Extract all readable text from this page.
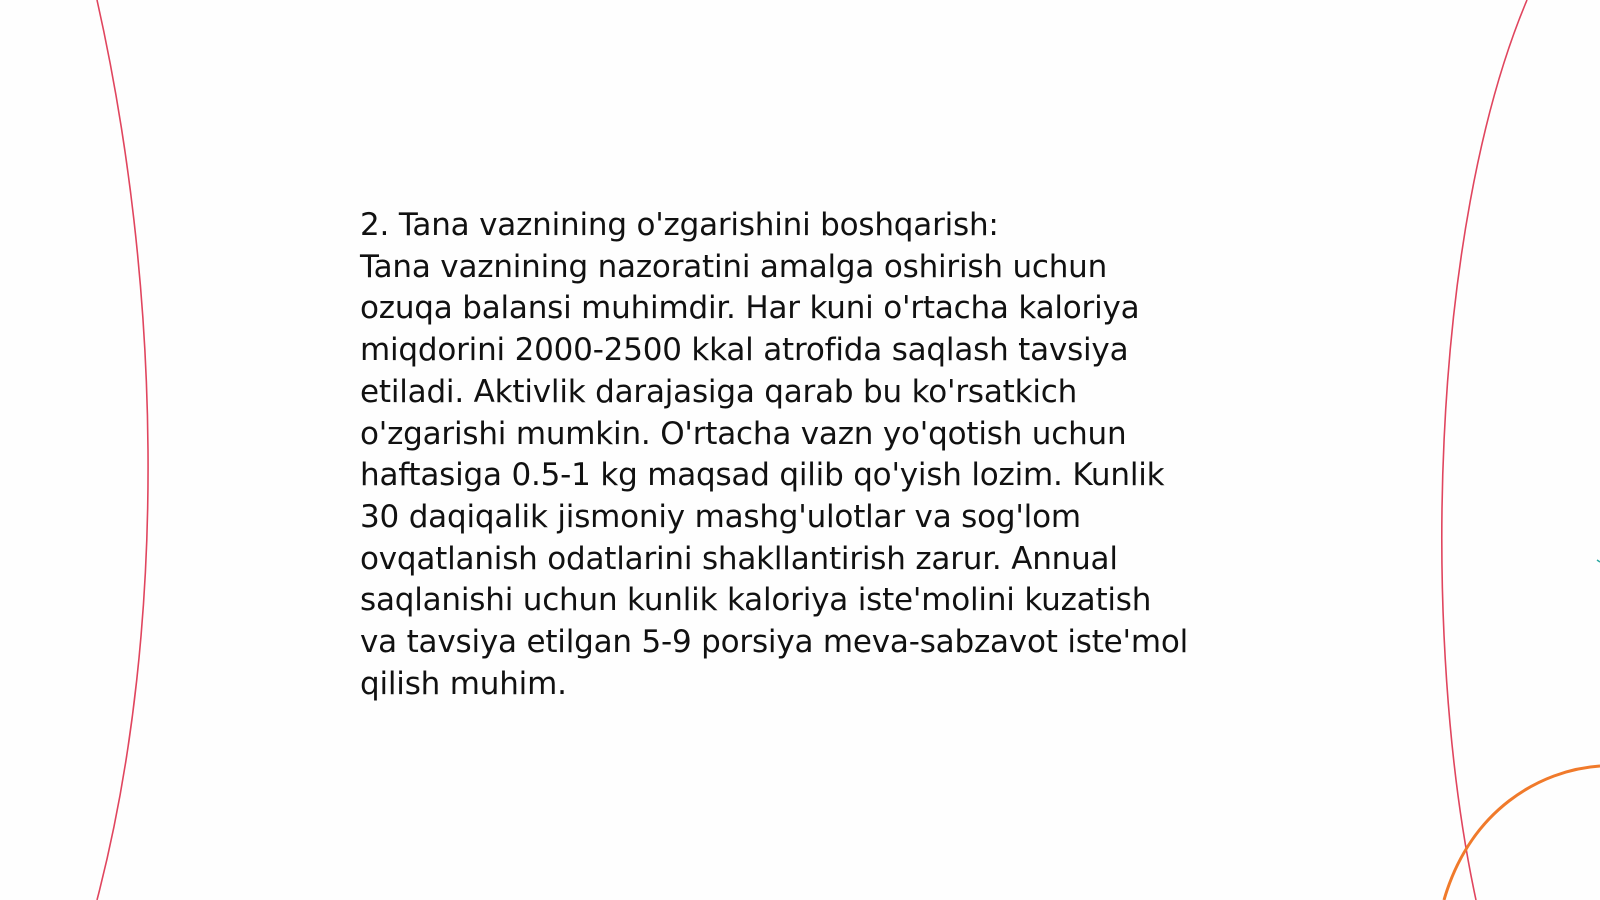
2. Tana vaznining o'zgarishini boshqarish:

Tana vaznining nazoratini amalga oshirish uchun

ozuqa balansi muhimdir. Har kuni o'rtacha kaloriya

miqdorini 2000-2500 kkal atrofida saqlash tavsiya

etiladi. Aktivlik darajasiga qarab bu ko'rsatkich

o'zgarishi mumkin. O'rtacha vazn yo'qotish uchun

haftasiga 0.5-1 kg maqsad qilib qo'yish lozim. Kunlik

30 daqiqalik jismoniy mashg'ulotlar va sog'lom

ovqatlanish odatlarini shakllantirish zarur. Annual

saqlanishi uchun kunlik kaloriya iste'molini kuzatish

va tavsiya etilgan 5-9 porsiya meva-sabzavot iste'mol

qilish muhim.
